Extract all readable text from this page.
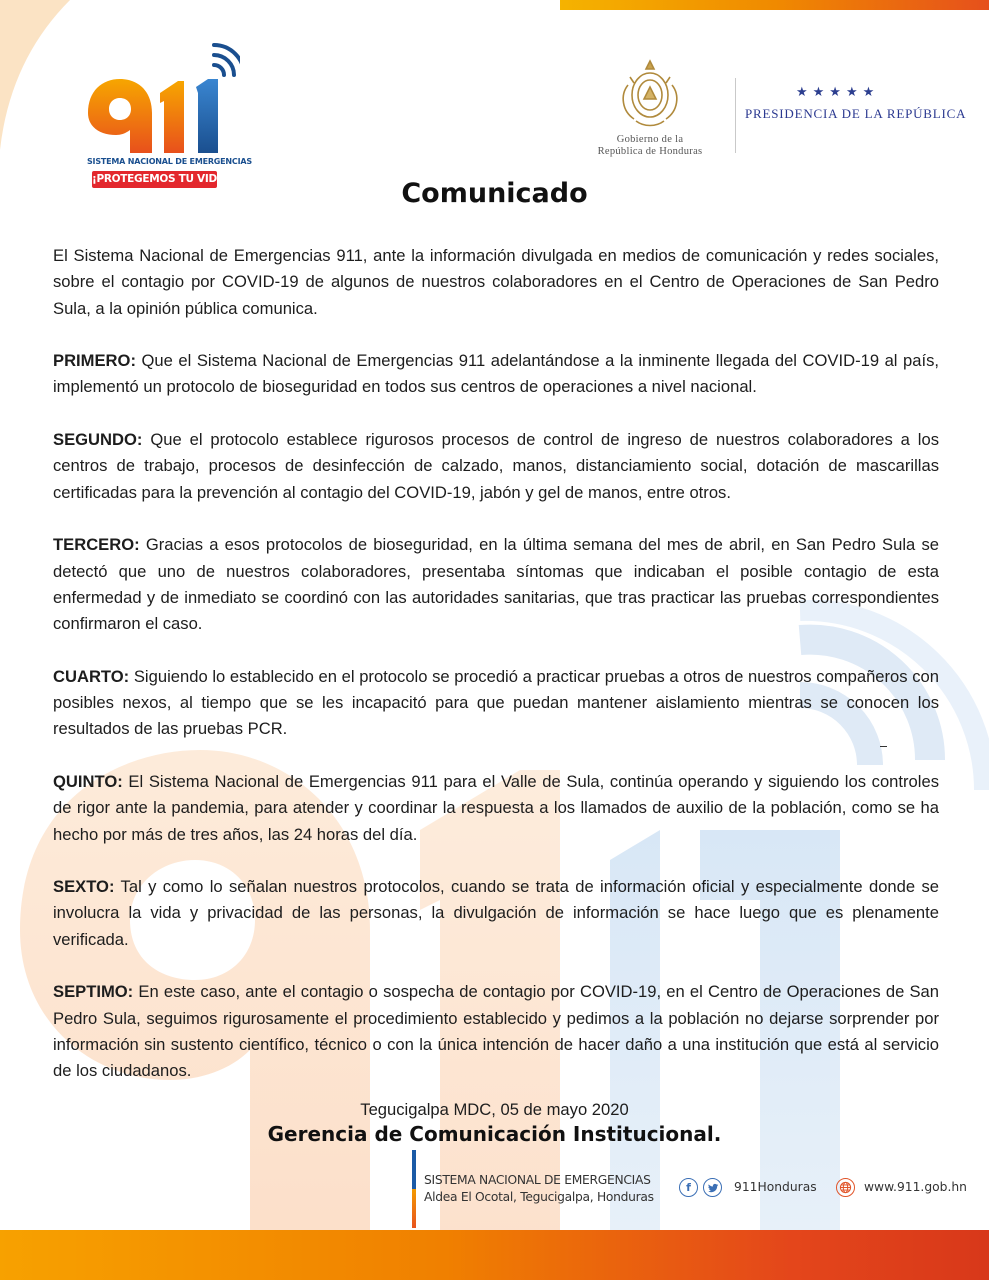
SISTEMA NACIONAL DE EMERGENCIAS
¡PROTEGEMOS TU VIDA!
Gobierno de la
República de Honduras
★★★★★
PRESIDENCIA DE LA REPÚBLICA
Comunicado

El Sistema Nacional de Emergencias 911, ante la información divulgada en medios de comunicación y redes sociales, sobre el contagio por COVID-19 de algunos de nuestros colaboradores en el Centro de Operaciones de San Pedro Sula, a la opinión pública comunica.

PRIMERO: Que el Sistema Nacional de Emergencias 911 adelantándose a la inminente llegada del COVID-19 al país, implementó un protocolo de bioseguridad en todos sus centros de operaciones a nivel nacional.

SEGUNDO: Que el protocolo establece rigurosos procesos de control de ingreso de nuestros colaboradores a los centros de trabajo, procesos de desinfección de calzado, manos, distanciamiento social, dotación de mascarillas certificadas para la prevención al contagio del COVID-19, jabón y gel de manos, entre otros.

TERCERO: Gracias a esos protocolos de bioseguridad, en la última semana del mes de abril, en San Pedro Sula se detectó que uno de nuestros colaboradores, presentaba síntomas que indicaban el posible contagio de esta enfermedad y de inmediato se coordinó con las autoridades sanitarias, que tras practicar las pruebas correspondientes confirmaron el caso.

CUARTO: Siguiendo lo establecido en el protocolo se procedió a practicar pruebas a otros de nuestros compañeros con posibles nexos, al tiempo que se les incapacitó para que puedan mantener aislamiento mientras se conocen los resultados de las pruebas PCR.

QUINTO: El Sistema Nacional de Emergencias 911 para el Valle de Sula, continúa operando y siguiendo los controles de rigor ante la pandemia, para atender y coordinar la respuesta a los llamados de auxilio de la población, como se ha hecho por más de tres años, las 24 horas del día.

SEXTO: Tal y como lo señalan nuestros protocolos, cuando se trata de información oficial y especialmente donde se involucra la vida y privacidad de las personas, la divulgación de información se hace luego que es plenamente verificada.

SEPTIMO: En este caso, ante el contagio o sospecha de contagio por COVID-19, en el Centro de Operaciones de San Pedro Sula, seguimos rigurosamente el procedimiento establecido y pedimos a la población no dejarse sorprender por información sin sustento científico, técnico o con la única intención de hacer daño a una institución que está al servicio de los ciudadanos.

Tegucigalpa MDC, 05 de mayo 2020
Gerencia de Comunicación Institucional.
SISTEMA NACIONAL DE EMERGENCIAS
Aldea El Ocotal, Tegucigalpa, Honduras
f	911Honduras	www.911.gob.hn
